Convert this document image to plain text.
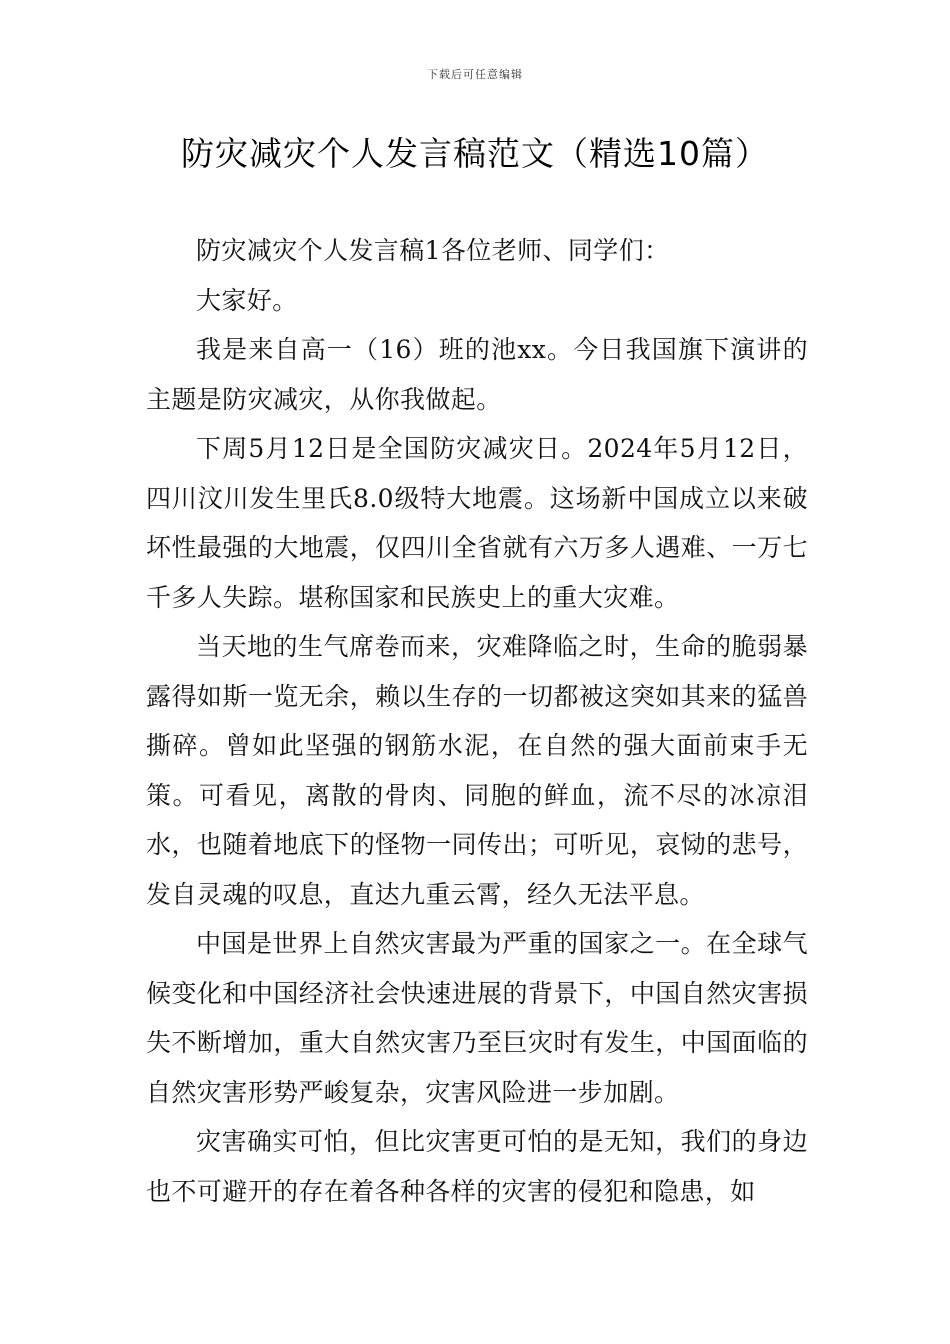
下载后可任意编辑
防灾减灾个人发言稿范文（精选10篇）

防灾减灾个人发言稿1各位老师、同学们：

大家好。

我是来自高一（16）班的池xx。今日我国旗下演讲的主题是防灾减灾，从你我做起。

下周5月12日是全国防灾减灾日。2024年5月12日，四川汶川发生里氏8.0级特大地震。这场新中国成立以来破坏性最强的大地震，仅四川全省就有六万多人遇难、一万七千多人失踪。堪称国家和民族史上的重大灾难。

当天地的生气席卷而来，灾难降临之时，生命的脆弱暴露得如斯一览无余，赖以生存的一切都被这突如其来的猛兽撕碎。曾如此坚强的钢筋水泥，在自然的强大面前束手无策。可看见，离散的骨肉、同胞的鲜血，流不尽的冰凉泪水，也随着地底下的怪物一同传出；可听见，哀恸的悲号，发自灵魂的叹息，直达九重云霄，经久无法平息。

中国是世界上自然灾害最为严重的国家之一。在全球气候变化和中国经济社会快速进展的背景下，中国自然灾害损失不断增加，重大自然灾害乃至巨灾时有发生，中国面临的自然灾害形势严峻复杂，灾害风险进一步加剧。

灾害确实可怕，但比灾害更可怕的是无知，我们的身边也不可避开的存在着各种各样的灾害的侵犯和隐患，如
